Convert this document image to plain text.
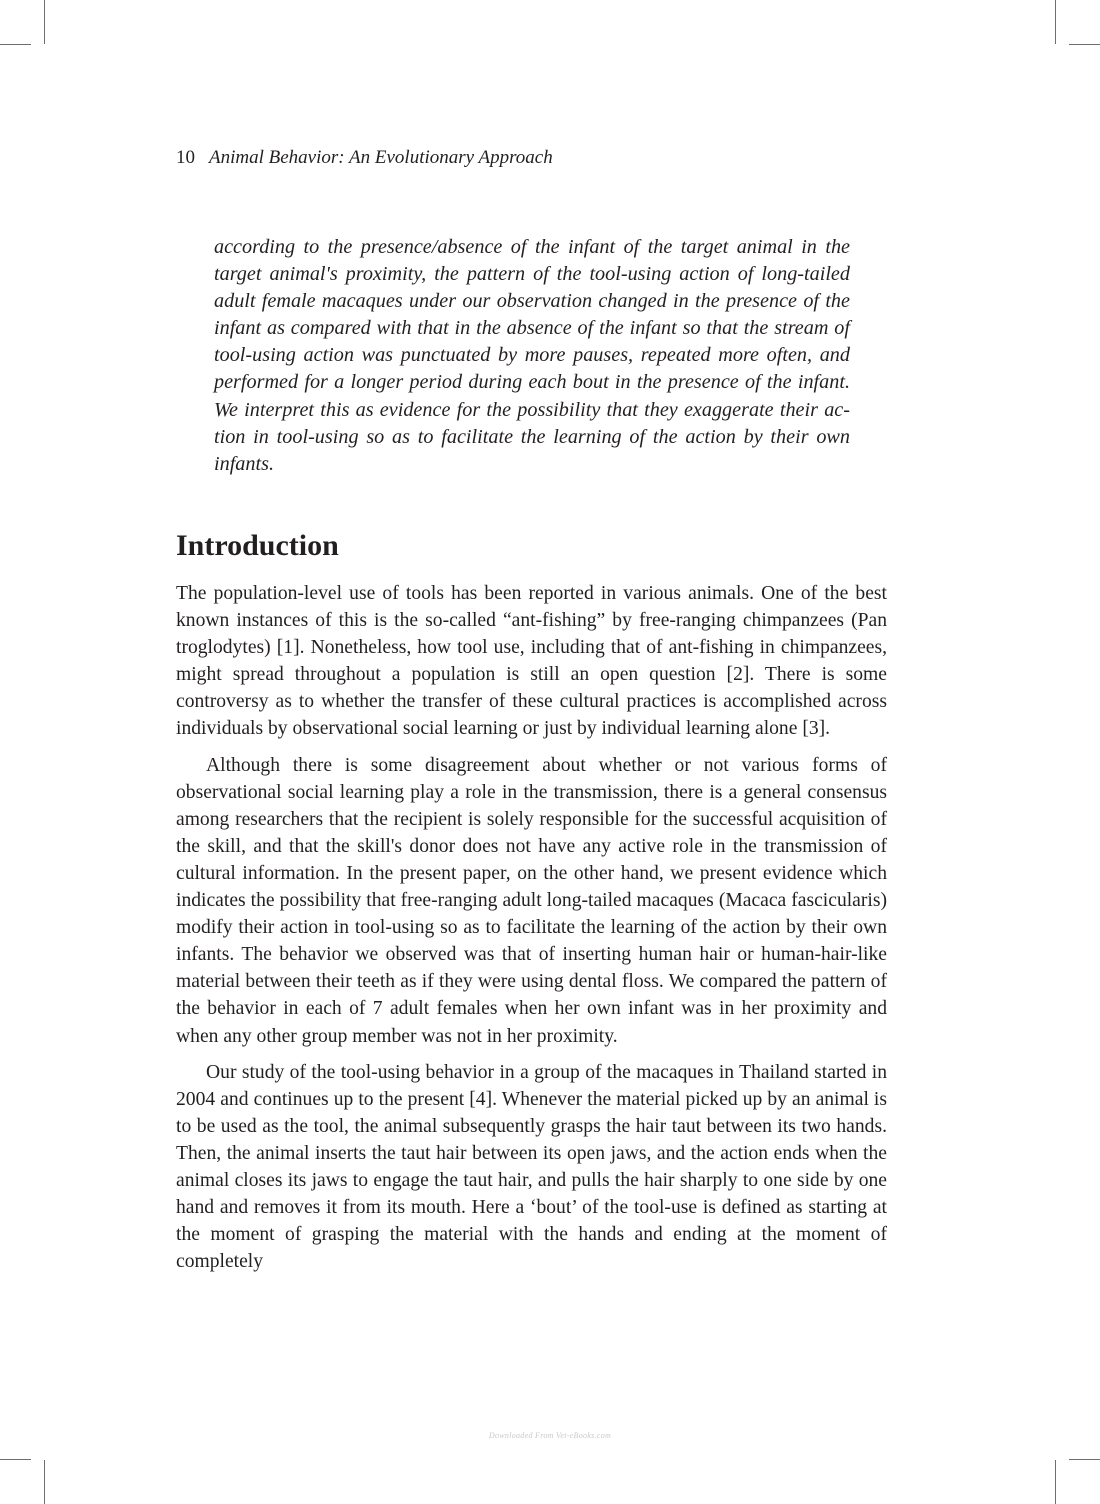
10 Animal Behavior: An Evolutionary Approach

according to the presence/absence of the infant of the target animal in the target animal's proximity, the pattern of the tool-using action of long-tailed adult female macaques under our observation changed in the presence of the infant as compared with that in the absence of the infant so that the stream of tool-using action was punctuated by more pauses, repeated more often, and performed for a longer period during each bout in the presence of the infant. We interpret this as evidence for the possibility that they exaggerate their action in tool-using so as to facilitate the learning of the action by their own infants.

Introduction

The population-level use of tools has been reported in various animals. One of the best known instances of this is the so-called “ant-fishing” by free-ranging chimpanzees (Pan troglodytes) [1]. Nonetheless, how tool use, including that of ant-fishing in chimpanzees, might spread throughout a population is still an open question [2]. There is some controversy as to whether the transfer of these cultural practices is accomplished across individuals by observational social learning or just by individual learning alone [3].

Although there is some disagreement about whether or not various forms of observational social learning play a role in the transmission, there is a general consensus among researchers that the recipient is solely responsible for the successful acquisition of the skill, and that the skill's donor does not have any active role in the transmission of cultural information. In the present paper, on the other hand, we present evidence which indicates the possibility that free-ranging adult long-tailed macaques (Macaca fascicularis) modify their action in tool-using so as to facilitate the learning of the action by their own infants. The behavior we observed was that of inserting human hair or human-hair-like material between their teeth as if they were using dental floss. We compared the pattern of the behavior in each of 7 adult females when her own infant was in her proximity and when any other group member was not in her proximity.

Our study of the tool-using behavior in a group of the macaques in Thailand started in 2004 and continues up to the present [4]. Whenever the material picked up by an animal is to be used as the tool, the animal subsequently grasps the hair taut between its two hands. Then, the animal inserts the taut hair between its open jaws, and the action ends when the animal closes its jaws to engage the taut hair, and pulls the hair sharply to one side by one hand and removes it from its mouth. Here a ‘bout’ of the tool-use is defined as starting at the moment of grasping the material with the hands and ending at the moment of completely

Downloaded From Vet-eBooks.com
